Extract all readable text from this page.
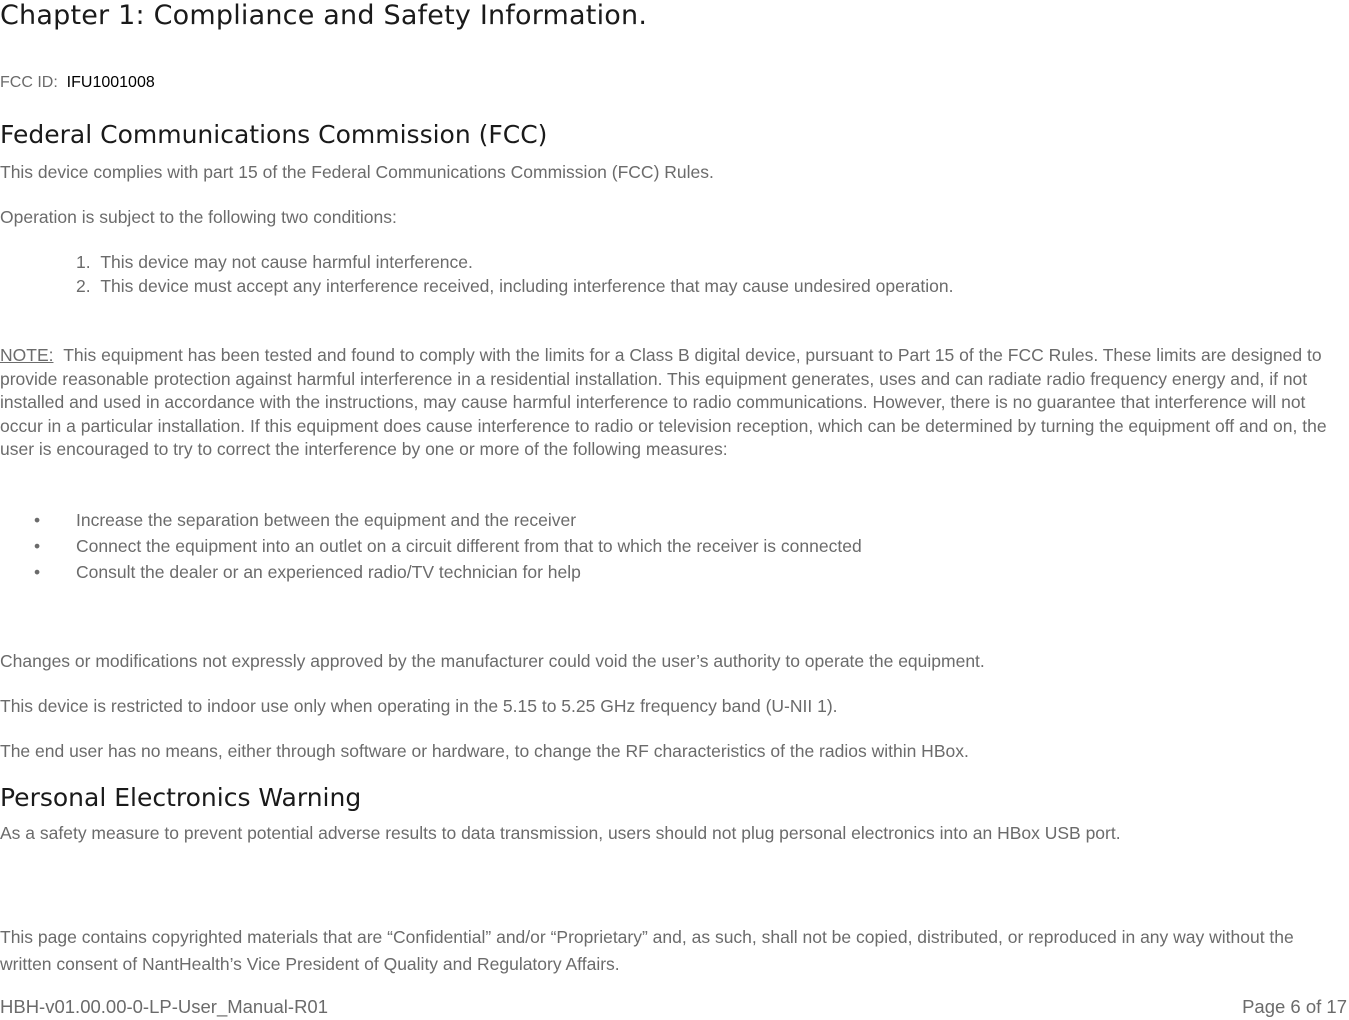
Chapter 1: Compliance and Safety Information.
FCC ID: IFU1001008
Federal Communications Commission (FCC)
This device complies with part 15 of the Federal Communications Commission (FCC) Rules.
Operation is subject to the following two conditions:
1. This device may not cause harmful interference.
2. This device must accept any interference received, including interference that may cause undesired operation.
NOTE: This equipment has been tested and found to comply with the limits for a Class B digital device, pursuant to Part 15 of the FCC Rules. These limits are designed to provide reasonable protection against harmful interference in a residential installation. This equipment generates, uses and can radiate radio frequency energy and, if not installed and used in accordance with the instructions, may cause harmful interference to radio communications. However, there is no guarantee that interference will not occur in a particular installation. If this equipment does cause interference to radio or television reception, which can be determined by turning the equipment off and on, the user is encouraged to try to correct the interference by one or more of the following measures:
• Increase the separation between the equipment and the receiver
• Connect the equipment into an outlet on a circuit different from that to which the receiver is connected
• Consult the dealer or an experienced radio/TV technician for help
Changes or modifications not expressly approved by the manufacturer could void the user’s authority to operate the equipment.
This device is restricted to indoor use only when operating in the 5.15 to 5.25 GHz frequency band (U-NII 1).
The end user has no means, either through software or hardware, to change the RF characteristics of the radios within HBox.
Personal Electronics Warning
As a safety measure to prevent potential adverse results to data transmission, users should not plug personal electronics into an HBox USB port.
This page contains copyrighted materials that are “Confidential” and/or “Proprietary” and, as such, shall not be copied, distributed, or reproduced in any way without the written consent of NantHealth’s Vice President of Quality and Regulatory Affairs.
HBH-v01.00.00-0-LP-User_Manual-R01	Page 6 of 17
